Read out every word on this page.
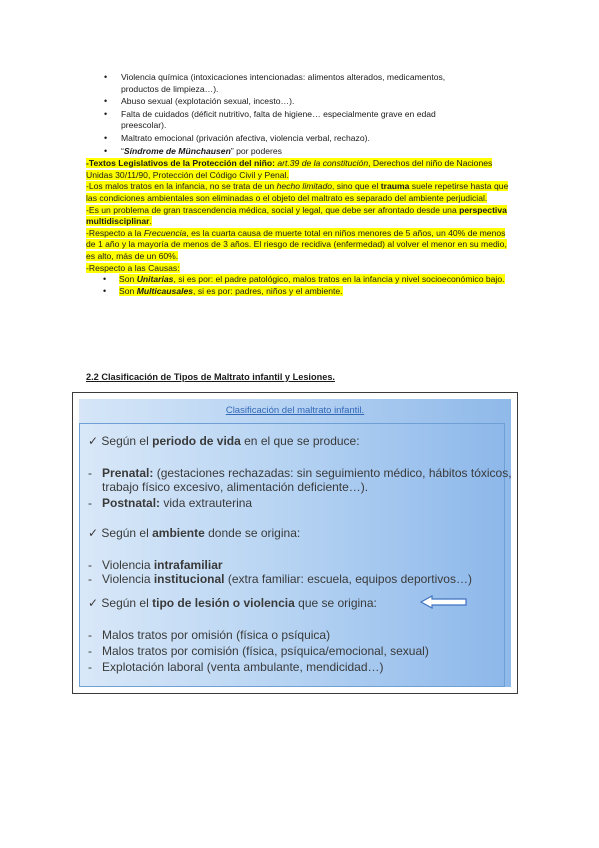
• Violencia química (intoxicaciones intencionadas: alimentos alterados, medicamentos,
productos de limpieza…).
• Abuso sexual (explotación sexual, incesto…).
• Falta de cuidados (déficit nutritivo, falta de higiene… especialmente grave en edad
preescolar).
• Maltrato emocional (privación afectiva, violencia verbal, rechazo).
• “Síndrome de Münchausen” por poderes

-Textos Legislativos de la Protección del niño: art.39 de la constitución, Derechos del niño de Naciones Unidas 30/11/90, Protección del Código Civil y Penal.

-Los malos tratos en la infancia, no se trata de un hecho limitado, sino que el trauma suele repetirse hasta que las condiciones ambientales son eliminadas o el objeto del maltrato es separado del ambiente perjudicial.

-Es un problema de gran trascendencia médica, social y legal, que debe ser afrontado desde una perspectiva multidisciplinar.

-Respecto a la Frecuencia, es la cuarta causa de muerte total en niños menores de 5 años, un 40% de menos de 1 año y la mayoría de menos de 3 años. El riesgo de recidiva (enfermedad) al volver el menor en su medio, es alto, más de un 60%.

-Respecto a las Causas:

• Son Unitarias, si es por: el padre patológico, malos tratos en la infancia y nivel socioeconómico bajo.
• Son Multicausales, si es por: padres, niños y el ambiente.
2.2 Clasificación de Tipos de Maltrato infantil y Lesiones.
Clasificación del maltrato infantil.
✓ Según el periodo de vida en el que se produce:
- Prenatal: (gestaciones rechazadas: sin seguimiento médico, hábitos tóxicos,
trabajo físico excesivo, alimentación deficiente…).
- Postnatal: vida extrauterina
✓ Según el ambiente donde se origina:
- Violencia intrafamiliar
- Violencia institucional (extra familiar: escuela, equipos deportivos…)
✓ Según el tipo de lesión o violencia que se origina:
- Malos tratos por omisión (física o psíquica)
- Malos tratos por comisión (física, psíquica/emocional, sexual)
- Explotación laboral (venta ambulante, mendicidad…)
